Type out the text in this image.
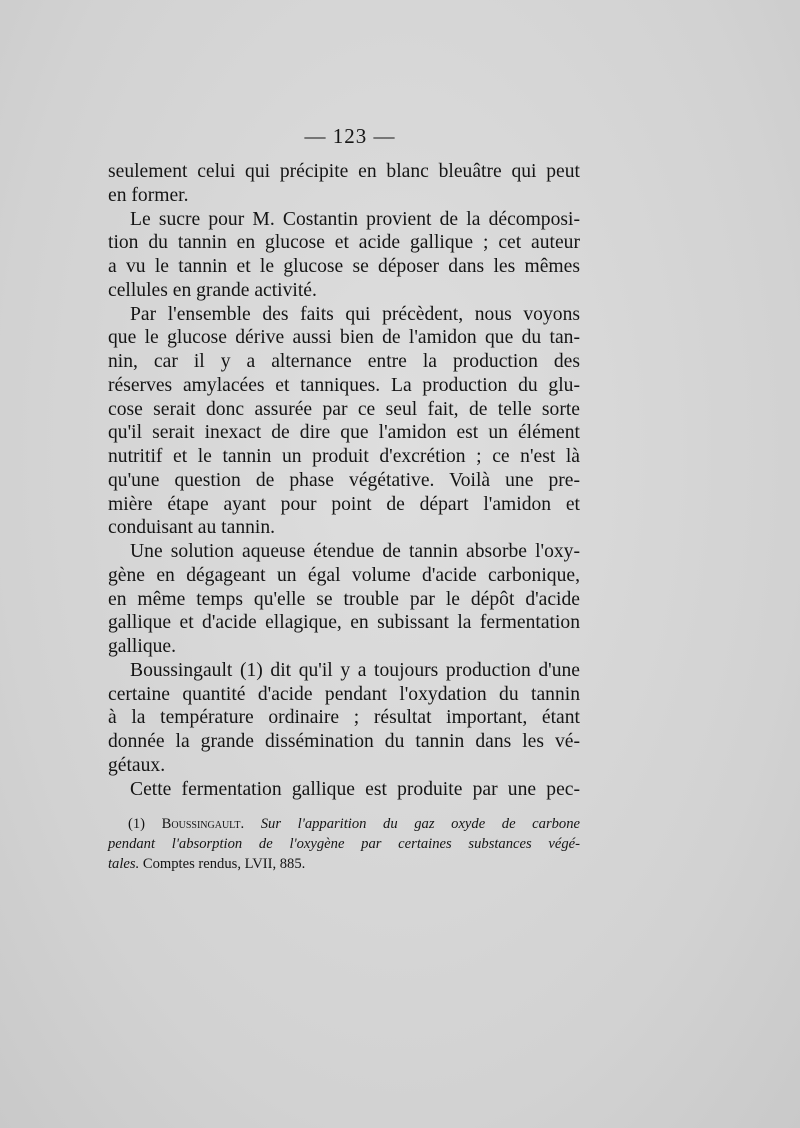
— 123 —
seulement celui qui précipite en blanc bleuâtre qui peut
en former.
Le sucre pour M. Costantin provient de la décomposi-
tion du tannin en glucose et acide gallique ; cet auteur
a vu le tannin et le glucose se déposer dans les mêmes
cellules en grande activité.
Par l'ensemble des faits qui précèdent, nous voyons
que le glucose dérive aussi bien de l'amidon que du tan-
nin, car il y a alternance entre la production des
réserves amylacées et tanniques. La production du glu-
cose serait donc assurée par ce seul fait, de telle sorte
qu'il serait inexact de dire que l'amidon est un élément
nutritif et le tannin un produit d'excrétion ; ce n'est là
qu'une question de phase végétative. Voilà une pre-
mière étape ayant pour point de départ l'amidon et
conduisant au tannin.
Une solution aqueuse étendue de tannin absorbe l'oxy-
gène en dégageant un égal volume d'acide carbonique,
en même temps qu'elle se trouble par le dépôt d'acide
gallique et d'acide ellagique, en subissant la fermentation
gallique.
Boussingault (1) dit qu'il y a toujours production d'une
certaine quantité d'acide pendant l'oxydation du tannin
à la température ordinaire ; résultat important, étant
donnée la grande dissémination du tannin dans les vé-
gétaux.
Cette fermentation gallique est produite par une pec-
(1) Boussingault. Sur l'apparition du gaz oxyde de carbone
pendant l'absorption de l'oxygène par certaines substances végé-
tales. Comptes rendus, LVII, 885.
